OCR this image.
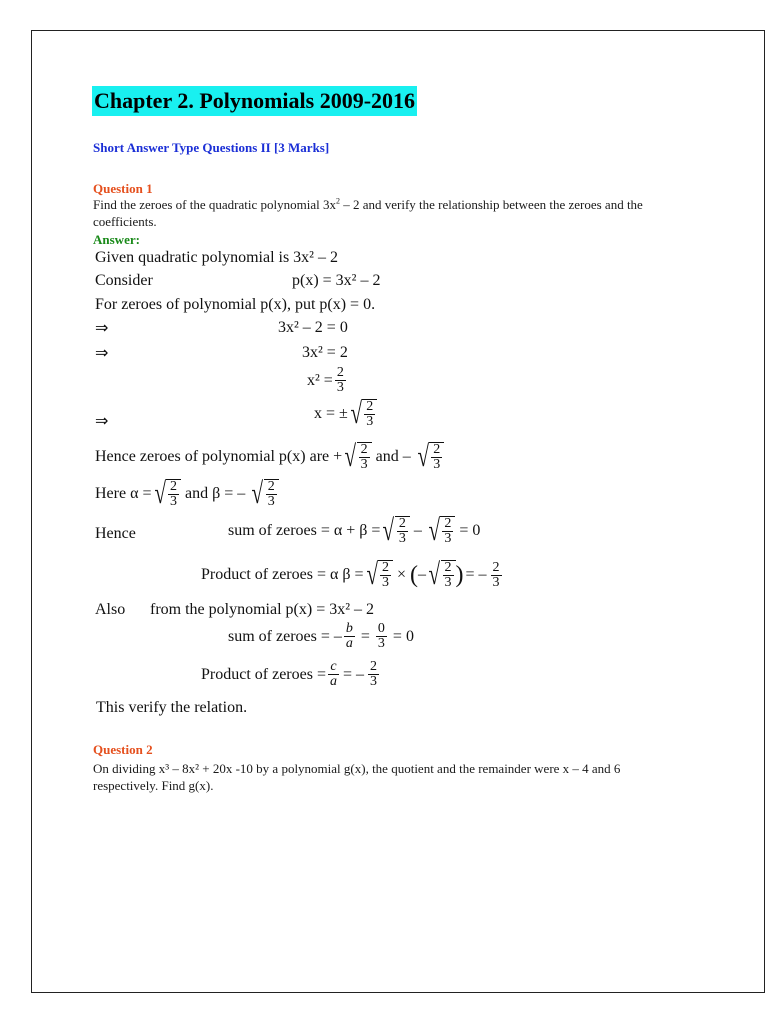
Chapter 2. Polynomials 2009-2016
Short Answer Type Questions II [3 Marks]
Question 1
Find the zeroes of the quadratic polynomial $3x^2 - 2$ and verify the relationship between the zeroes and the coefficients.
Answer:
Given quadratic polynomial is 3x² – 2
Consider	p(x) = 3x² – 2
For zeroes of polynomial p(x), put p(x) = 0.
⇒	3x² – 2 = 0
⇒	3x² = 2
$x^2 = \frac{2}{3}$
⇒	x = ± √ $\frac{2}{3}$
Hence zeroes of polynomial p(x) are + √ $\frac{2}{3}$ and – √ $\frac{2}{3}$
Here α = √ $\frac{2}{3}$ and β = – √ $\frac{2}{3}$
Hence	sum of zeroes = α + β = √ $\frac{2}{3}$ – √ $\frac{2}{3} = 0$
Product of zeroes = α β = √ $\frac{2}{3}$ × ( – √ $\frac{2}{3}$ ) = – $\frac{2}{3}$
Also from the polynomial p(x) = 3x² – 2
sum of zeroes = – $\frac{b}{a} = \frac{0}{3} = 0$
Product of zeroes = $\frac{c}{a}$ = – $\frac{2}{3}$
This verify the relation.
Question 2
On dividing x³ – 8x² + 20x -10 by a polynomial g(x), the quotient and the remainder were x – 4 and 6 respectively. Find g(x).
